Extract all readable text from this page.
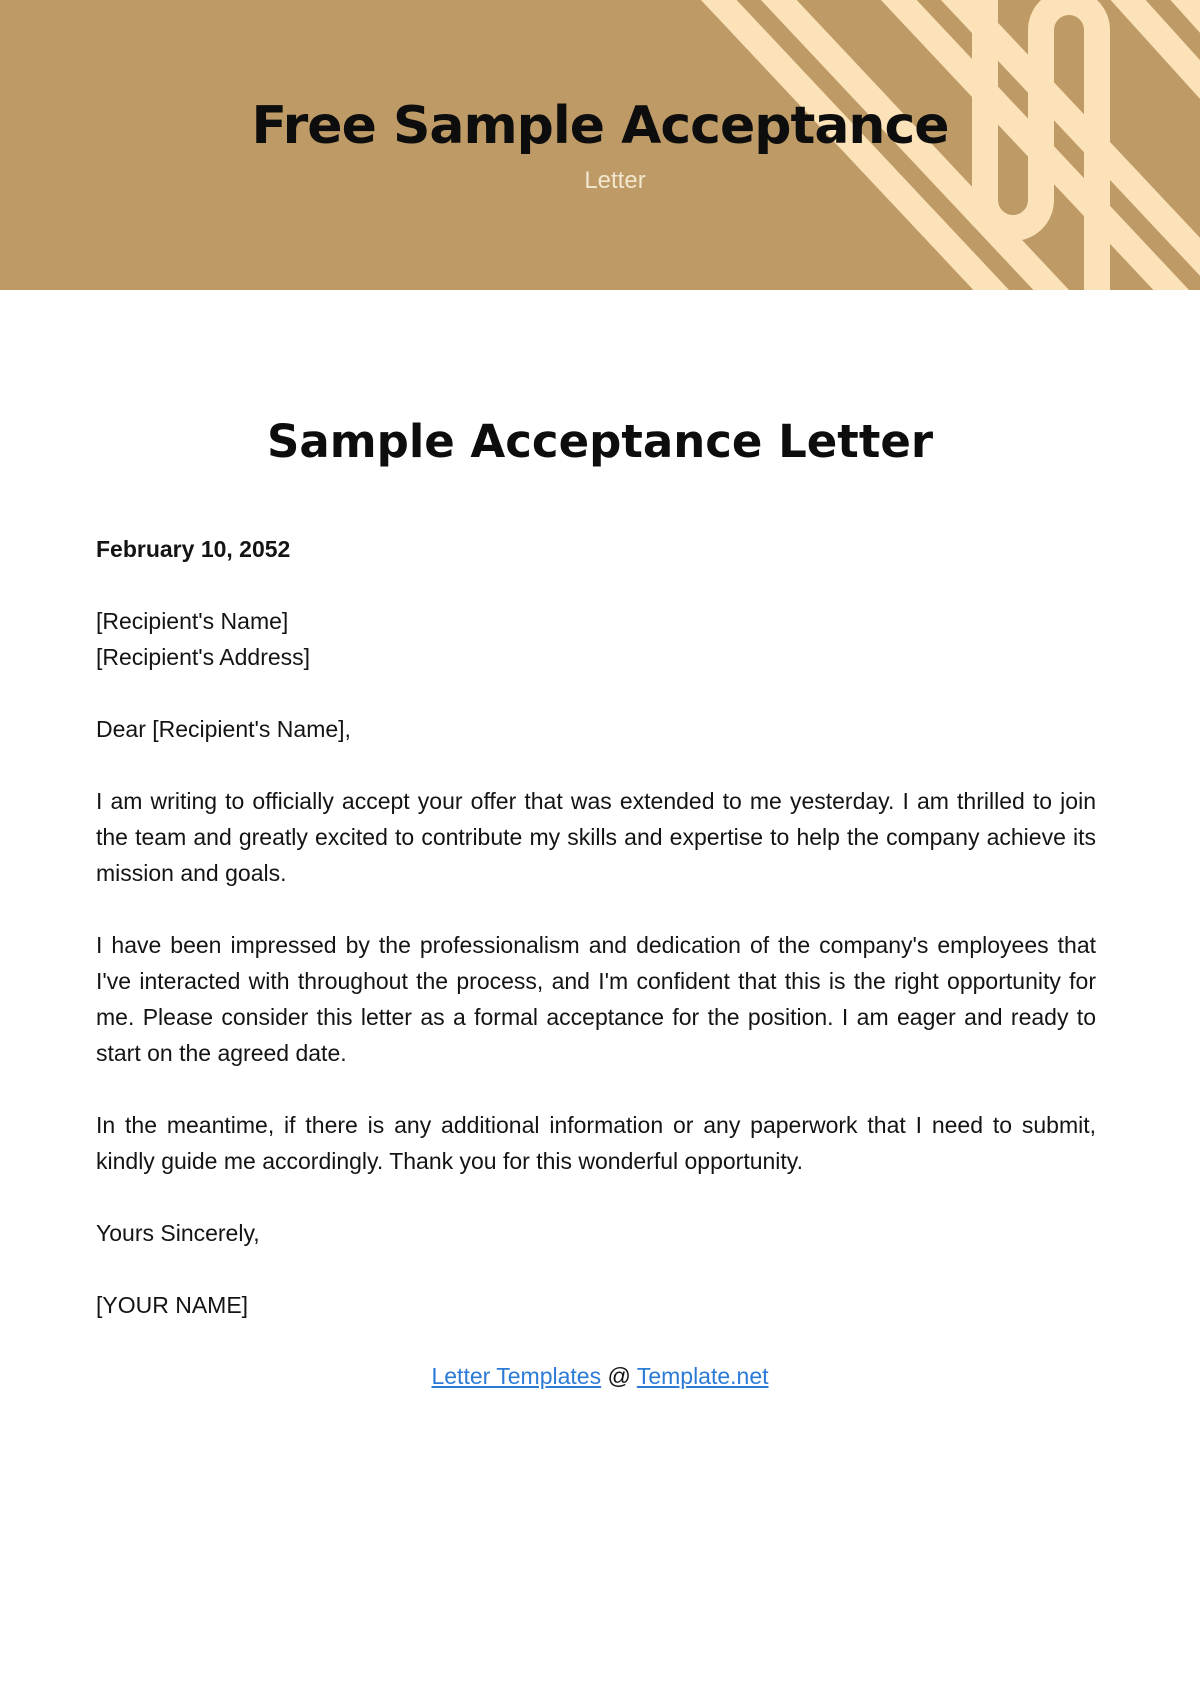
Free Sample Acceptance
Letter
Sample Acceptance Letter

February 10, 2052

[Recipient's Name]

[Recipient's Address]

Dear [Recipient's Name],

I am writing to officially accept your offer that was extended to me yesterday. I am thrilled to join the team and greatly excited to contribute my skills and expertise to help the company achieve its mission and goals.

I have been impressed by the professionalism and dedication of the company's employees that I've interacted with throughout the process, and I'm confident that this is the right opportunity for me. Please consider this letter as a formal acceptance for the position. I am eager and ready to start on the agreed date.

In the meantime, if there is any additional information or any paperwork that I need to submit, kindly guide me accordingly. Thank you for this wonderful opportunity.

Yours Sincerely,

[YOUR NAME]

Letter Templates @ Template.net
